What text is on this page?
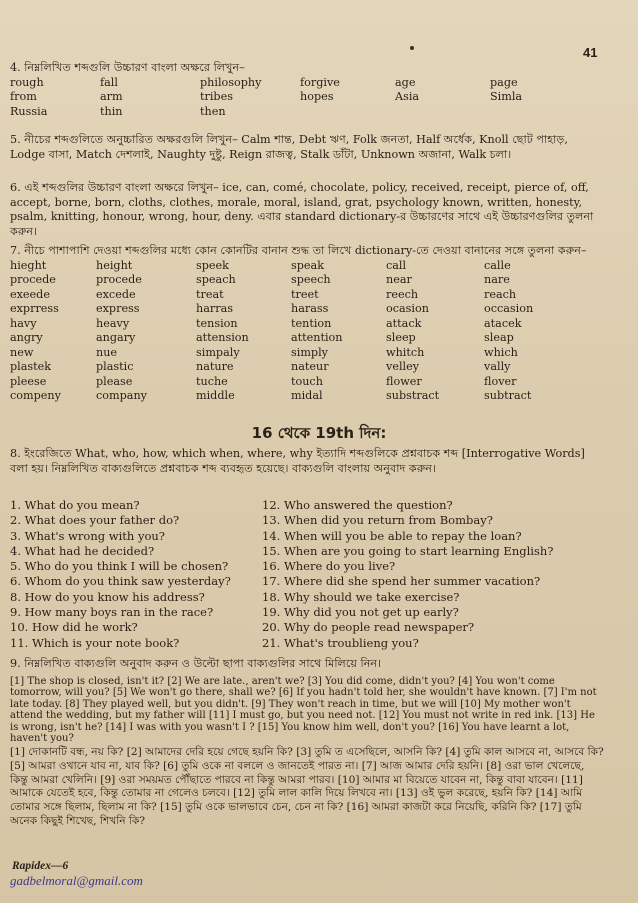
41

4. নিম্নলিখিত শব্দগুলি উচ্চারণ বাংলা অক্ষরে লিখুন–

rough	fall	philosophy	forgive	age	page
from	arm	tribes	hopes	Asia	Simla
Russia	thin	then

5. নীচের শব্দগুলিতে অনুচ্চারিত অক্ষরগুলি লিখুন– Calm শান্ত, Debt ঋণ, Folk জনতা, Half অর্ধেক, Knoll ছোট পাহাড়, Lodge বাসা, Match দেশলাই, Naughty দুষ্টু, Reign রাজত্ব, Stalk ডাঁটা, Unknown অজানা, Walk চলা।

6. এই শব্দগুলির উচ্চারণ বাংলা অক্ষরে লিখুন– ice, can, comé, chocolate, policy, received, receipt, pierce of, off, accept, borne, born, cloths, clothes, morale, moral, island, grat, psychology known, written, honesty, psalm, knitting, honour, wrong, hour, deny. এবার standard dictionary-র উচ্চারণের সাথে এই উচ্চারণগুলির তুলনা করুন।

7. নীচে পাশাপাশি দেওয়া শব্দগুলির মধ্যে কোন কোনটির বানান শুদ্ধ তা লিখে dictionary-তে দেওয়া বানানের সঙ্গে তুলনা করুন–

hieght	height	speek	speak	call	calle
procede	procede	speach	speech	near	nare
exeede	excede	treat	treet	reech	reach
exprress	express	harras	harass	ocasion	occasion
havy	heavy	tension	tention	attack	atacek
angry	angary	attension	attention	sleep	sleap
new	nue	simpaly	simply	whitch	which
plastek	plastic	nature	nateur	velley	vally
pleese	please	tuche	touch	flower	flover
compeny	company	middle	midal	substract	subtract
16 থেকে 19th দিন:

8. ইংরেজিতে What, who, how, which when, where, why ইত্যাদি শব্দগুলিকে প্রশ্নবাচক শব্দ [Interrogative Words] বলা হয়। নিম্নলিখিত বাক্যগুলিতে প্রশ্নবাচক শব্দ ব্যবহৃত হয়েছে। বাক্যগুলি বাংলায় অনুবাদ করুন।

1. What do you mean?
2. What does your father do?
3. What's wrong with you?
4. What had he decided?
5. Who do you think I will be chosen?
6. Whom do you think saw yesterday?
8. How do you know his address?
9. How many boys ran in the race?
10. How did he work?
11. Which is your note book?
12. Who answered the question?
13. When did you return from Bombay?
14. When will you be able to repay the loan?
15. When are you going to start learning English?
16. Where do you live?
17. Where did she spend her summer vacation?
18. Why should we take exercise?
19. Why did you not get up early?
20. Why do people read newspaper?
21. What's troublieng you?

9. নিম্নলিখিত বাক্যগুলি অনুবাদ করুন ও উল্টো ছাপা বাক্যগুলির সাথে মিলিয়ে নিন।

[1] The shop is closed, isn't it? [2] We are late., aren't we? [3] You did come, didn't you? [4] You won't come tomorrow, will you? [5] We won't go there, shall we? [6] If you hadn't told her, she wouldn't have known. [7] I'm not late today. [8] They played well, but you didn't. [9] They won't reach in time, but we will [10] My mother won't attend the wedding, but my father will [11] I must go, but you need not. [12] You must not write in red ink. [13] He is wrong, isn't he? [14] I was with you wasn't I ? [15] You know him well, don't you? [16] You have learnt a lot, haven't you?

[1] দোকানটি বন্ধ, নয় কি? [2] আমাদের দেরি হয়ে গেছে হয়নি কি? [3] তুমি ত এসেছিলে, আসনি কি? [4] তুমি কাল আসবে না, আসবে কি? [5] আমরা ওখানে যাব না, যাব কি? [6] তুমি ওকে না বললে ও জানতেই পারত না। [7] আজ আমার দেরি হয়নি। [8] ওরা ভাল খেলেছে, কিন্তু আমরা খেলিনি। [9] ওরা সময়মত পৌঁছাতে পারবে না কিন্তু আমরা পারব। [10] আমার মা বিয়েতে যাবেন না, কিন্তু বাবা যাবেন। [11] আমাকে যেতেই হবে, কিন্তু তোমার না গেলেও চলবে। [12] তুমি লাল কালি দিয়ে লিখবে না। [13] ওই ভুল করেছে, হয়নি কি? [14] আমি তোমার সঙ্গে ছিলাম, ছিলাম না কি? [15] তুমি ওকে ভালভাবে চেন, চেন না কি? [16] আমরা কাজটা করে নিয়েছি, করিনি কি? [17] তুমি অনেক কিছুই শিখেছ, শিখনি কি?

Rapidex—6
gadbelmoral@gmail.com
